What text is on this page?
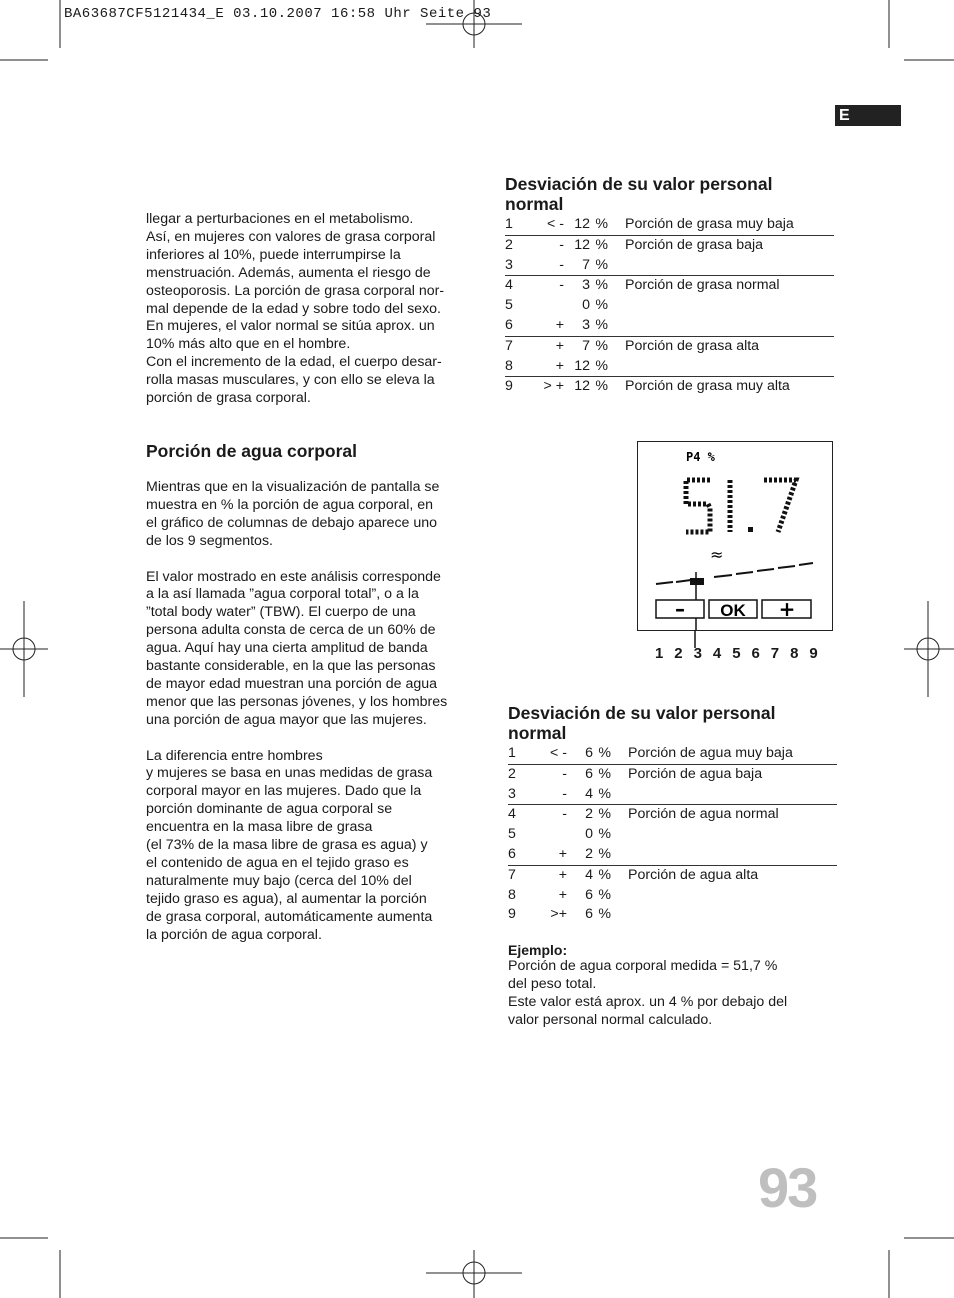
BA63687CF5121434_E 03.10.2007 16:58 Uhr Seite 93
E

llegar a perturbaciones en el metabolismo.
Así, en mujeres con valores de grasa corporal
inferiores al 10%, puede interrumpirse la
menstruación. Además, aumenta el riesgo de
osteoporosis. La porción de grasa corporal nor-
mal depende de la edad y sobre todo del sexo.
En mujeres, el valor normal se sitúa aprox. un
10% más alto que en el hombre.
Con el incremento de la edad, el cuerpo desar-
rolla masas musculares, y con ello se eleva la
porción de grasa corporal.

Porción de agua corporal

Mientras que en la visualización de pantalla se
muestra en % la porción de agua corporal, en
el gráfico de columnas de debajo aparece uno
de los 9 segmentos.

El valor mostrado en este análisis corresponde
a la así llamada ”agua corporal total”, o a la
”total body water” (TBW). El cuerpo de una
persona adulta consta de cerca de un 60% de
agua. Aquí hay una cierta amplitud de banda
bastante considerable, en la que las personas
de mayor edad muestran una porción de agua
menor que las personas jóvenes, y los hombres
una porción de agua mayor que las mujeres.

La diferencia entre hombres
y mujeres se basa en unas medidas de grasa
corporal mayor en las mujeres. Dado que la
porción dominante de agua corporal se
encuentra en la masa libre de grasa
(el 73% de la masa libre de grasa es agua) y
el contenido de agua en el tejido graso es
naturalmente muy bajo (cerca del 10% del
tejido graso es agua), al aumentar la porción
de grasa corporal, automáticamente aumenta
la porción de agua corporal.

Desviación de su valor personal
normal
1	< -	12	%	Porción de grasa muy baja
2	-	12	%	Porción de grasa baja
3	-	7	%	
4	-	3	%	Porción de grasa normal
5		0	%	
6	+	3	%	
7	+	7	%	Porción de grasa alta
8	+	12	%	
9	> +	12	%	Porción de grasa muy alta
P4 %
≈
– OK +
1 2 3 4 5 6 7 8 9
Desviación de su valor personal
normal
1	< -	6	%	Porción de agua muy baja
2	-	6	%	Porción de agua baja
3	-	4	%	
4	-	2	%	Porción de agua normal
5		0	%	
6	+	2	%	
7	+	4	%	Porción de agua alta
8	+	6	%	
9	>+	6	%	
Ejemplo:

Porción de agua corporal medida = 51,7 %
del peso total.
Este valor está aprox. un 4 % por debajo del
valor personal normal calculado.

93
